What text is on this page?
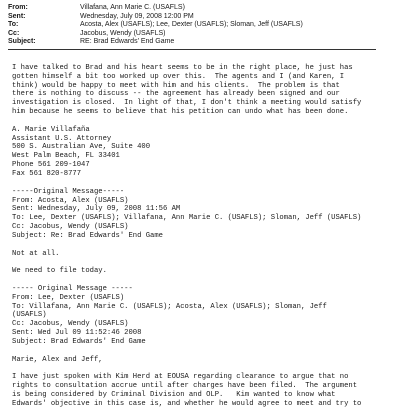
From:	Villafana, Ann Marie C. (USAFLS)
Sent:	Wednesday, July 09, 2008 12:00 PM
To:	Acosta, Alex (USAFLS); Lee, Dexter (USAFLS); Sloman, Jeff (USAFLS)
Cc:	Jacobus, Wendy (USAFLS)
Subject:	RE: Brad Edwards' End Game
I have talked to Brad and his heart seems to be in the right place, he just has
gotten himself a bit too worked up over this.  The agents and I (and Karen, I
think) would be happy to meet with him and his clients.  The problem is that
there is nothing to discuss -- the agreement has already been signed and our
investigation is closed.  In light of that, I don't think a meeting would satisfy
him because he seems to believe that his petition can undo what has been done.
A. Marie Villafaña
Assistant U.S. Attorney
500 S. Australian Ave, Suite 400
West Palm Beach, FL 33401
Phone 561 209-1047
Fax 561 820-8777
-----Original Message-----
From: Acosta, Alex (USAFLS)
Sent: Wednesday, July 09, 2008 11:56 AM
To: Lee, Dexter (USAFLS); Villafana, Ann Marie C. (USAFLS); Sloman, Jeff (USAFLS)
Cc: Jacobus, Wendy (USAFLS)
Subject: Re: Brad Edwards' End Game
Not at all.
We need to file today.
----- Original Message -----
From: Lee, Dexter (USAFLS)
To: Villafana, Ann Marie C. (USAFLS); Acosta, Alex (USAFLS); Sloman, Jeff
(USAFLS)
Cc: Jacobus, Wendy (USAFLS)
Sent: Wed Jul 09 11:52:46 2008
Subject: Brad Edwards' End Game
Marie, Alex and Jeff,
I have just spoken with Kim Herd at EOUSA regarding clearance to argue that no
rights to consultation accrue until after charges have been filed.  The argument
is being considered by Criminal Division and OLP.   Kim wanted to know what
Edwards' objective in this case is, and whether he would agree to meet and try to
